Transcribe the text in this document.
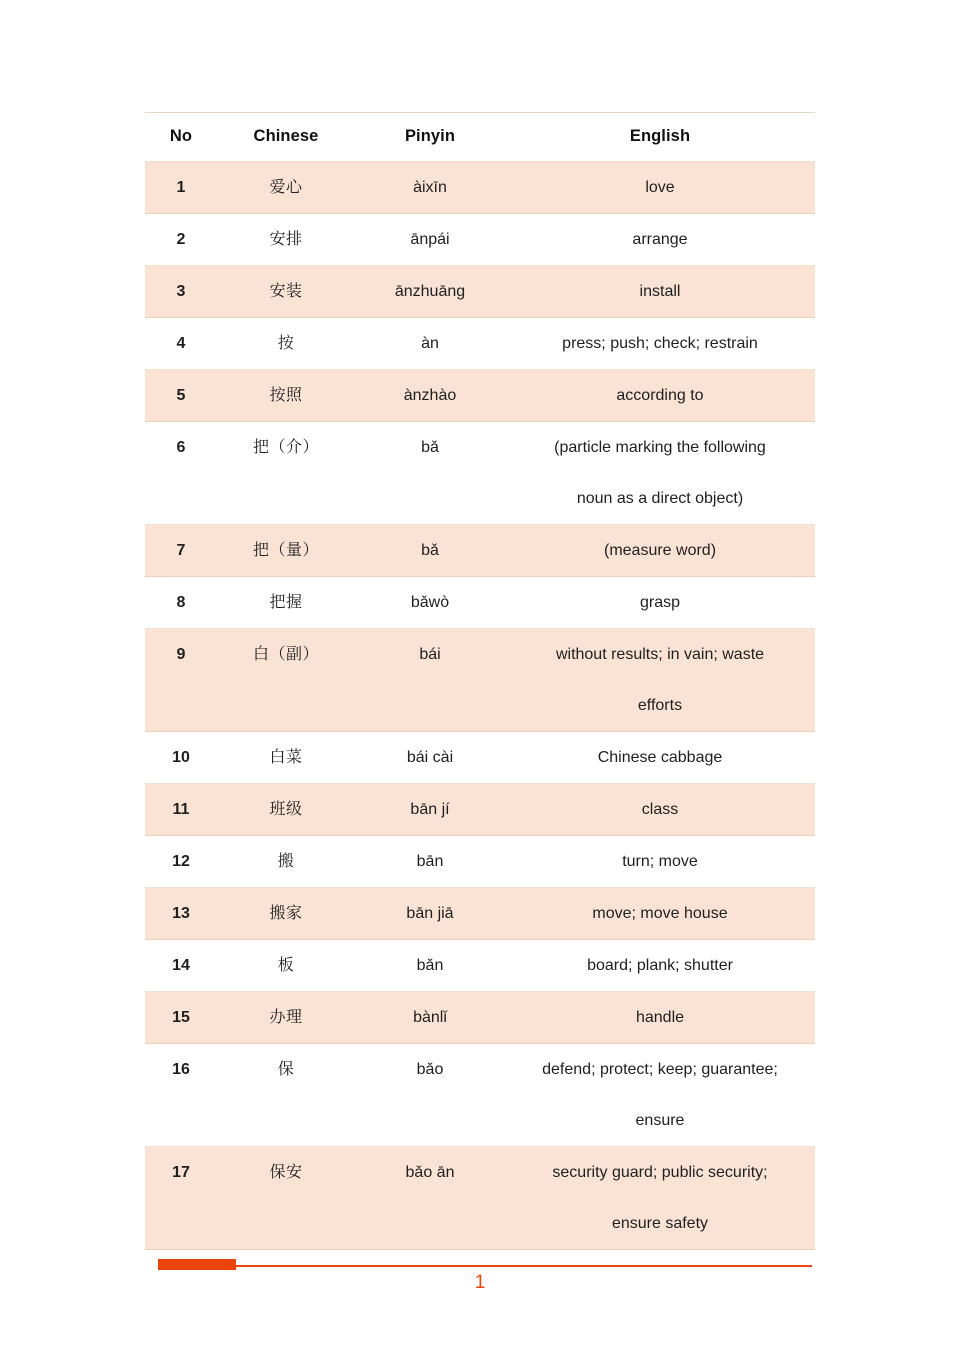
No	Chinese	Pinyin	English
1	爱心	àixīn	love

2	安排	ānpái	arrange

3	安装	ānzhuāng	install

4	按	àn	press; push; check; restrain

5	按照	ànzhào	according to

6	把（介）	bǎ	(particle marking the following
noun as a direct object)

7	把（量）	bǎ	(measure word)

8	把握	bǎwò	grasp

9	白（副）	bái	without results; in vain; waste
efforts

10	白菜	bái cài	Chinese cabbage

11	班级	bān jí	class

12	搬	bān	turn; move

13	搬家	bān jiā	move; move house

14	板	bǎn	board; plank; shutter

15	办理	bànlǐ	handle

16	保	bǎo	defend; protect; keep; guarantee;
ensure

17	保安	bǎo ān	security guard; public security;
ensure safety
1
